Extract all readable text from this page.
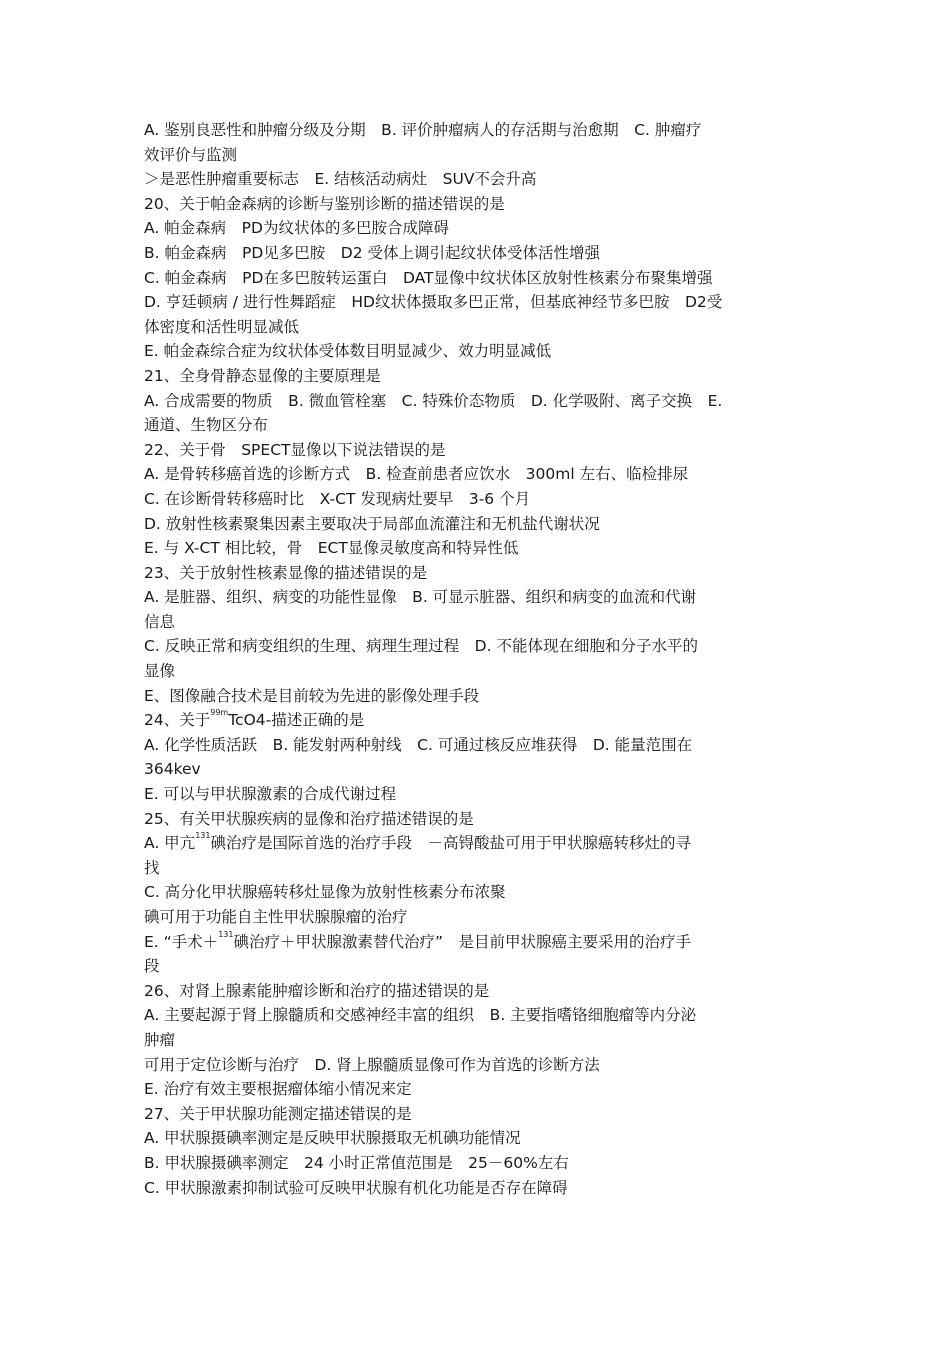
A. 鉴别良恶性和肿瘤分级及分期　B. 评价肿瘤病人的存活期与治愈期　C. 肿瘤疗
效评价与监测
＞是恶性肿瘤重要标志　E. 结核活动病灶　SUV不会升高
20、关于帕金森病的诊断与鉴别诊断的描述错误的是
A. 帕金森病　PD为纹状体的多巴胺合成障碍
B. 帕金森病　PD见多巴胺　D2 受体上调引起纹状体受体活性增强
C. 帕金森病　PD在多巴胺转运蛋白　DAT显像中纹状体区放射性核素分布聚集增强
D. 亨廷顿病 / 进行性舞蹈症　HD纹状体摄取多巴正常，但基底神经节多巴胺　D2受
体密度和活性明显减低
E. 帕金森综合症为纹状体受体数目明显减少、效力明显减低
21、全身骨静态显像的主要原理是
A. 合成需要的物质　B. 微血管栓塞　C. 特殊价态物质　D. 化学吸附、离子交换　E.
通道、生物区分布
22、关于骨　SPECT显像以下说法错误的是
A. 是骨转移癌首选的诊断方式　B. 检查前患者应饮水　300ml 左右、临检排尿
C. 在诊断骨转移癌时比　X-CT 发现病灶要早　3-6 个月
D. 放射性核素聚集因素主要取决于局部血流灌注和无机盐代谢状况
E. 与 X-CT 相比较，骨　ECT显像灵敏度高和特异性低
23、关于放射性核素显像的描述错误的是
A. 是脏器、组织、病变的功能性显像　B. 可显示脏器、组织和病变的血流和代谢
信息
C. 反映正常和病变组织的生理、病理生理过程　D. 不能体现在细胞和分子水平的
显像
E、图像融合技术是目前较为先进的影像处理手段
24、关于$^{99m}$TcO4-描述正确的是
A. 化学性质活跃　B. 能发射两种射线　C. 可通过核反应堆获得　D. 能量范围在
364kev
E. 可以与甲状腺激素的合成代谢过程
25、有关甲状腺疾病的显像和治疗描述错误的是
A. 甲亢$^{131}$碘治疗是国际首选的治疗手段　－高锝酸盐可用于甲状腺癌转移灶的寻
找
C. 高分化甲状腺癌转移灶显像为放射性核素分布浓聚
碘可用于功能自主性甲状腺腺瘤的治疗
E. “手术＋$^{131}$碘治疗＋甲状腺激素替代治疗”　是目前甲状腺癌主要采用的治疗手
段
26、对肾上腺素能肿瘤诊断和治疗的描述错误的是
A. 主要起源于肾上腺髓质和交感神经丰富的组织　B. 主要指嗜铬细胞瘤等内分泌
肿瘤
可用于定位诊断与治疗　D. 肾上腺髓质显像可作为首选的诊断方法
E. 治疗有效主要根据瘤体缩小情况来定
27、关于甲状腺功能测定描述错误的是
A. 甲状腺摄碘率测定是反映甲状腺摄取无机碘功能情况
B. 甲状腺摄碘率测定　24 小时正常值范围是　25－60%左右
C. 甲状腺激素抑制试验可反映甲状腺有机化功能是否存在障碍
